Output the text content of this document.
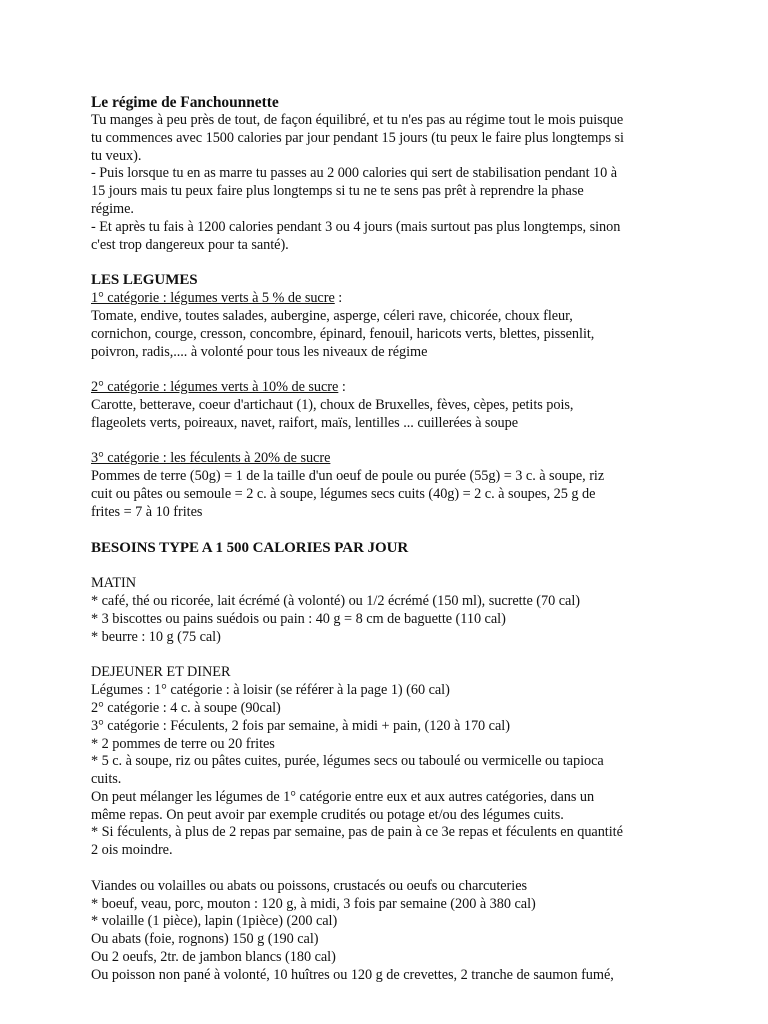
Le régime de Fanchounnette

Tu manges à peu près de tout, de façon équilibré, et tu n'es pas au régime tout le mois puisque

tu commences avec 1500 calories par jour pendant 15 jours (tu peux le faire plus longtemps si

tu veux).

- Puis lorsque tu en as marre tu passes au 2 000 calories qui sert de stabilisation pendant 10 à

15 jours mais tu peux faire plus longtemps si tu ne te sens pas prêt à reprendre la phase

régime.

- Et après tu fais à 1200 calories pendant 3 ou 4 jours (mais surtout pas plus longtemps, sinon

c'est trop dangereux pour ta santé).

LES LEGUMES

1° catégorie : légumes verts à 5 % de sucre :

Tomate, endive, toutes salades, aubergine, asperge, céleri rave, chicorée, choux fleur,

cornichon, courge, cresson, concombre, épinard, fenouil, haricots verts, blettes, pissenlit,

poivron, radis,.... à volonté pour tous les niveaux de régime

2° catégorie : légumes verts à 10% de sucre :

Carotte, betterave, coeur d'artichaut (1), choux de Bruxelles, fèves, cèpes, petits pois,

flageolets verts, poireaux, navet, raifort, maïs, lentilles ... cuillerées à soupe

3° catégorie : les féculents à 20% de sucre

Pommes de terre (50g) = 1 de la taille d'un oeuf de poule ou purée (55g) = 3 c. à soupe, riz

cuit ou pâtes ou semoule = 2 c. à soupe, légumes secs cuits (40g) = 2 c. à soupes, 25 g de

frites = 7 à 10 frites

BESOINS TYPE A 1 500 CALORIES PAR JOUR

MATIN

* café, thé ou ricorée, lait écrémé (à volonté) ou 1/2 écrémé (150 ml), sucrette (70 cal)

* 3 biscottes ou pains suédois ou pain : 40 g = 8 cm de baguette (110 cal)

* beurre : 10 g (75 cal)

DEJEUNER ET DINER

Légumes : 1° catégorie : à loisir (se référer à la page 1) (60 cal)

2° catégorie : 4 c. à soupe (90cal)

3° catégorie : Féculents, 2 fois par semaine, à midi + pain, (120 à 170 cal)

* 2 pommes de terre ou 20 frites

* 5 c. à soupe, riz ou pâtes cuites, purée, légumes secs ou taboulé ou vermicelle ou tapioca

cuits.

On peut mélanger les légumes de 1° catégorie entre eux et aux autres catégories, dans un

même repas. On peut avoir par exemple crudités ou potage et/ou des légumes cuits.

* Si féculents, à plus de 2 repas par semaine, pas de pain à ce 3e repas et féculents en quantité

2 ois moindre.

Viandes ou volailles ou abats ou poissons, crustacés ou oeufs ou charcuteries

* boeuf, veau, porc, mouton : 120 g, à midi, 3 fois par semaine (200 à 380 cal)

* volaille (1 pièce), lapin (1pièce) (200 cal)

Ou abats (foie, rognons) 150 g (190 cal)

Ou 2 oeufs, 2tr. de jambon blancs (180 cal)

Ou poisson non pané à volonté, 10 huîtres ou 120 g de crevettes, 2 tranche de saumon fumé,
